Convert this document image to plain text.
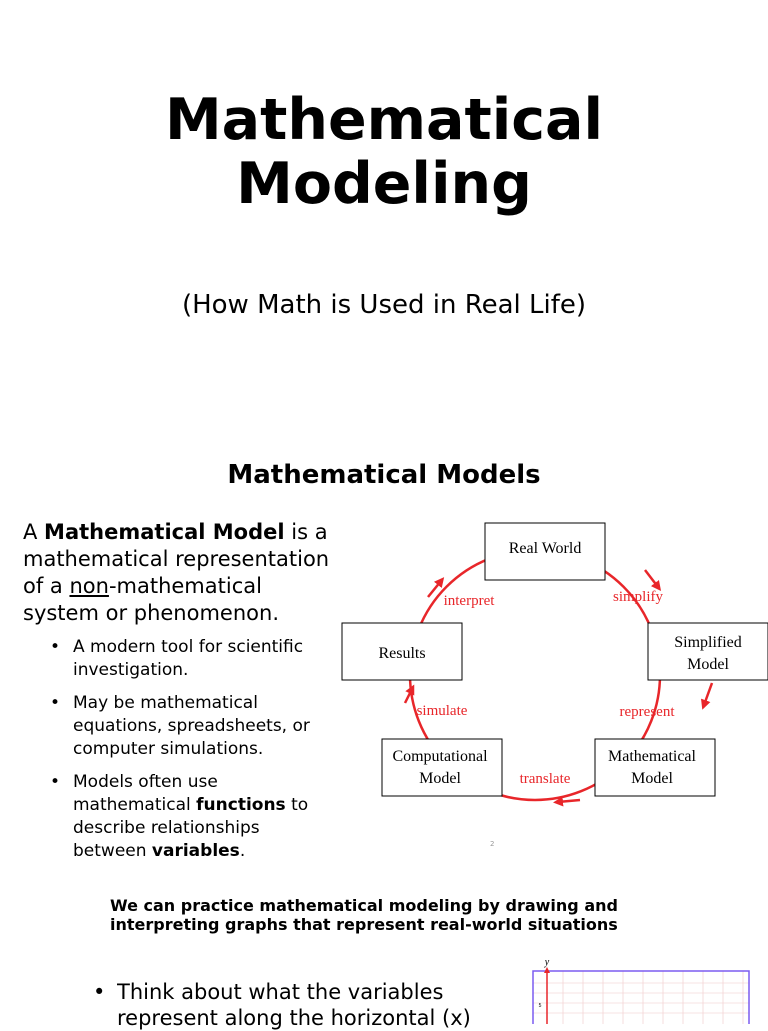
Mathematical
Modeling
(How Math is Used in Real Life)
Mathematical Models
A Mathematical Model is a
mathematical representation
of a non-mathematical
system or phenomenon.
• A modern tool for scientific
investigation.
• May be mathematical
equations, spreadsheets, or
computer simulations.
• Models often use
mathematical functions to
describe relationships
between variables.
Real World
Simplified
Model
Mathematical
Model
Computational
Model
Results
simplify
represent
translate
simulate
interpret
2
We can practice mathematical modeling by drawing and
interpreting graphs that represent real-world situations
• Think about what the variables
represent along the horizontal (x)
y
5
